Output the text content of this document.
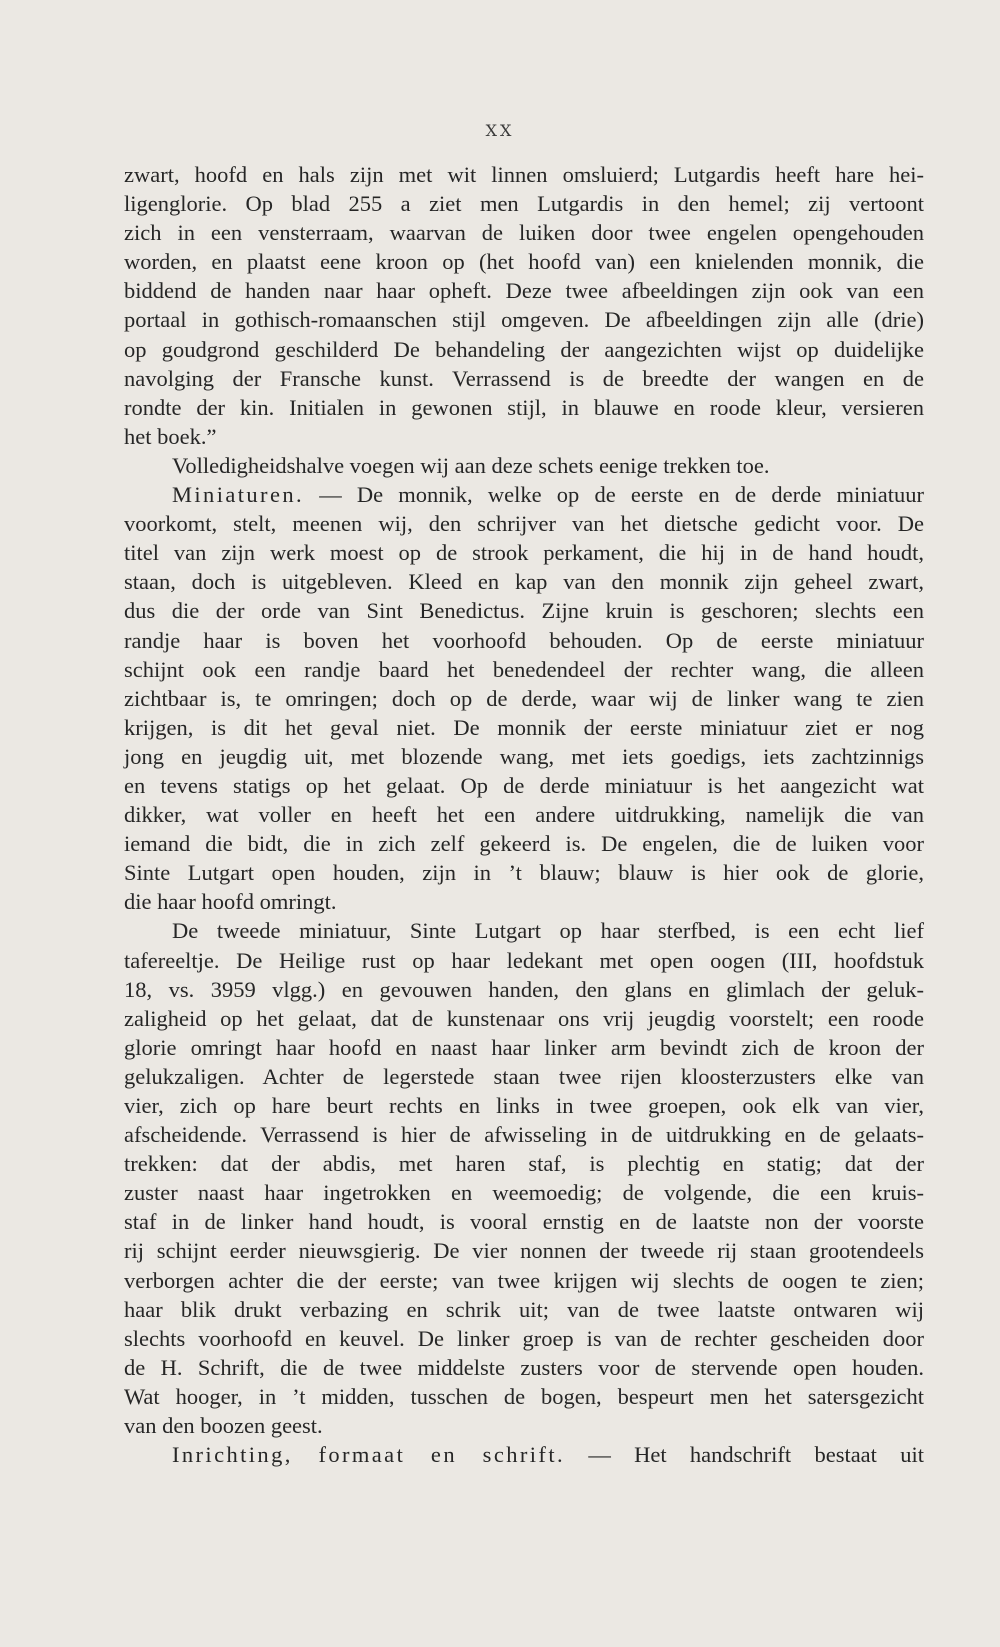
XX

zwart, hoofd en hals zijn met wit linnen omsluierd; Lutgardis heeft hare hei-
ligenglorie. Op blad 255 a ziet men Lutgardis in den hemel; zij vertoont
zich in een vensterraam, waarvan de luiken door twee engelen opengehouden
worden, en plaatst eene kroon op (het hoofd van) een knielenden monnik, die
biddend de handen naar haar opheft. Deze twee afbeeldingen zijn ook van een
portaal in gothisch-romaanschen stijl omgeven. De afbeeldingen zijn alle (drie)
op goudgrond geschilderd De behandeling der aangezichten wijst op duidelijke
navolging der Fransche kunst. Verrassend is de breedte der wangen en de
rondte der kin. Initialen in gewonen stijl, in blauwe en roode kleur, versieren
het boek.”
Volledigheidshalve voegen wij aan deze schets eenige trekken toe.
Miniaturen. — De monnik, welke op de eerste en de derde miniatuur
voorkomt, stelt, meenen wij, den schrijver van het dietsche gedicht voor. De
titel van zijn werk moest op de strook perkament, die hij in de hand houdt,
staan, doch is uitgebleven. Kleed en kap van den monnik zijn geheel zwart,
dus die der orde van Sint Benedictus. Zijne kruin is geschoren; slechts een
randje haar is boven het voorhoofd behouden. Op de eerste miniatuur
schijnt ook een randje baard het benedendeel der rechter wang, die alleen
zichtbaar is, te omringen; doch op de derde, waar wij de linker wang te zien
krijgen, is dit het geval niet. De monnik der eerste miniatuur ziet er nog
jong en jeugdig uit, met blozende wang, met iets goedigs, iets zachtzinnigs
en tevens statigs op het gelaat. Op de derde miniatuur is het aangezicht wat
dikker, wat voller en heeft het een andere uitdrukking, namelijk die van
iemand die bidt, die in zich zelf gekeerd is. De engelen, die de luiken voor
Sinte Lutgart open houden, zijn in ’t blauw; blauw is hier ook de glorie,
die haar hoofd omringt.
De tweede miniatuur, Sinte Lutgart op haar sterfbed, is een echt lief
tafereeltje. De Heilige rust op haar ledekant met open oogen (III, hoofdstuk
18, vs. 3959 vlgg.) en gevouwen handen, den glans en glimlach der geluk-
zaligheid op het gelaat, dat de kunstenaar ons vrij jeugdig voorstelt; een roode
glorie omringt haar hoofd en naast haar linker arm bevindt zich de kroon der
gelukzaligen. Achter de legerstede staan twee rijen kloosterzusters elke van
vier, zich op hare beurt rechts en links in twee groepen, ook elk van vier,
afscheidende. Verrassend is hier de afwisseling in de uitdrukking en de gelaats-
trekken: dat der abdis, met haren staf, is plechtig en statig; dat der
zuster naast haar ingetrokken en weemoedig; de volgende, die een kruis-
staf in de linker hand houdt, is vooral ernstig en de laatste non der voorste
rij schijnt eerder nieuwsgierig. De vier nonnen der tweede rij staan grootendeels
verborgen achter die der eerste; van twee krijgen wij slechts de oogen te zien;
haar blik drukt verbazing en schrik uit; van de twee laatste ontwaren wij
slechts voorhoofd en keuvel. De linker groep is van de rechter gescheiden door
de H. Schrift, die de twee middelste zusters voor de stervende open houden.
Wat hooger, in ’t midden, tusschen de bogen, bespeurt men het satersgezicht
van den boozen geest.
Inrichting, formaat en schrift. — Het handschrift bestaat uit
